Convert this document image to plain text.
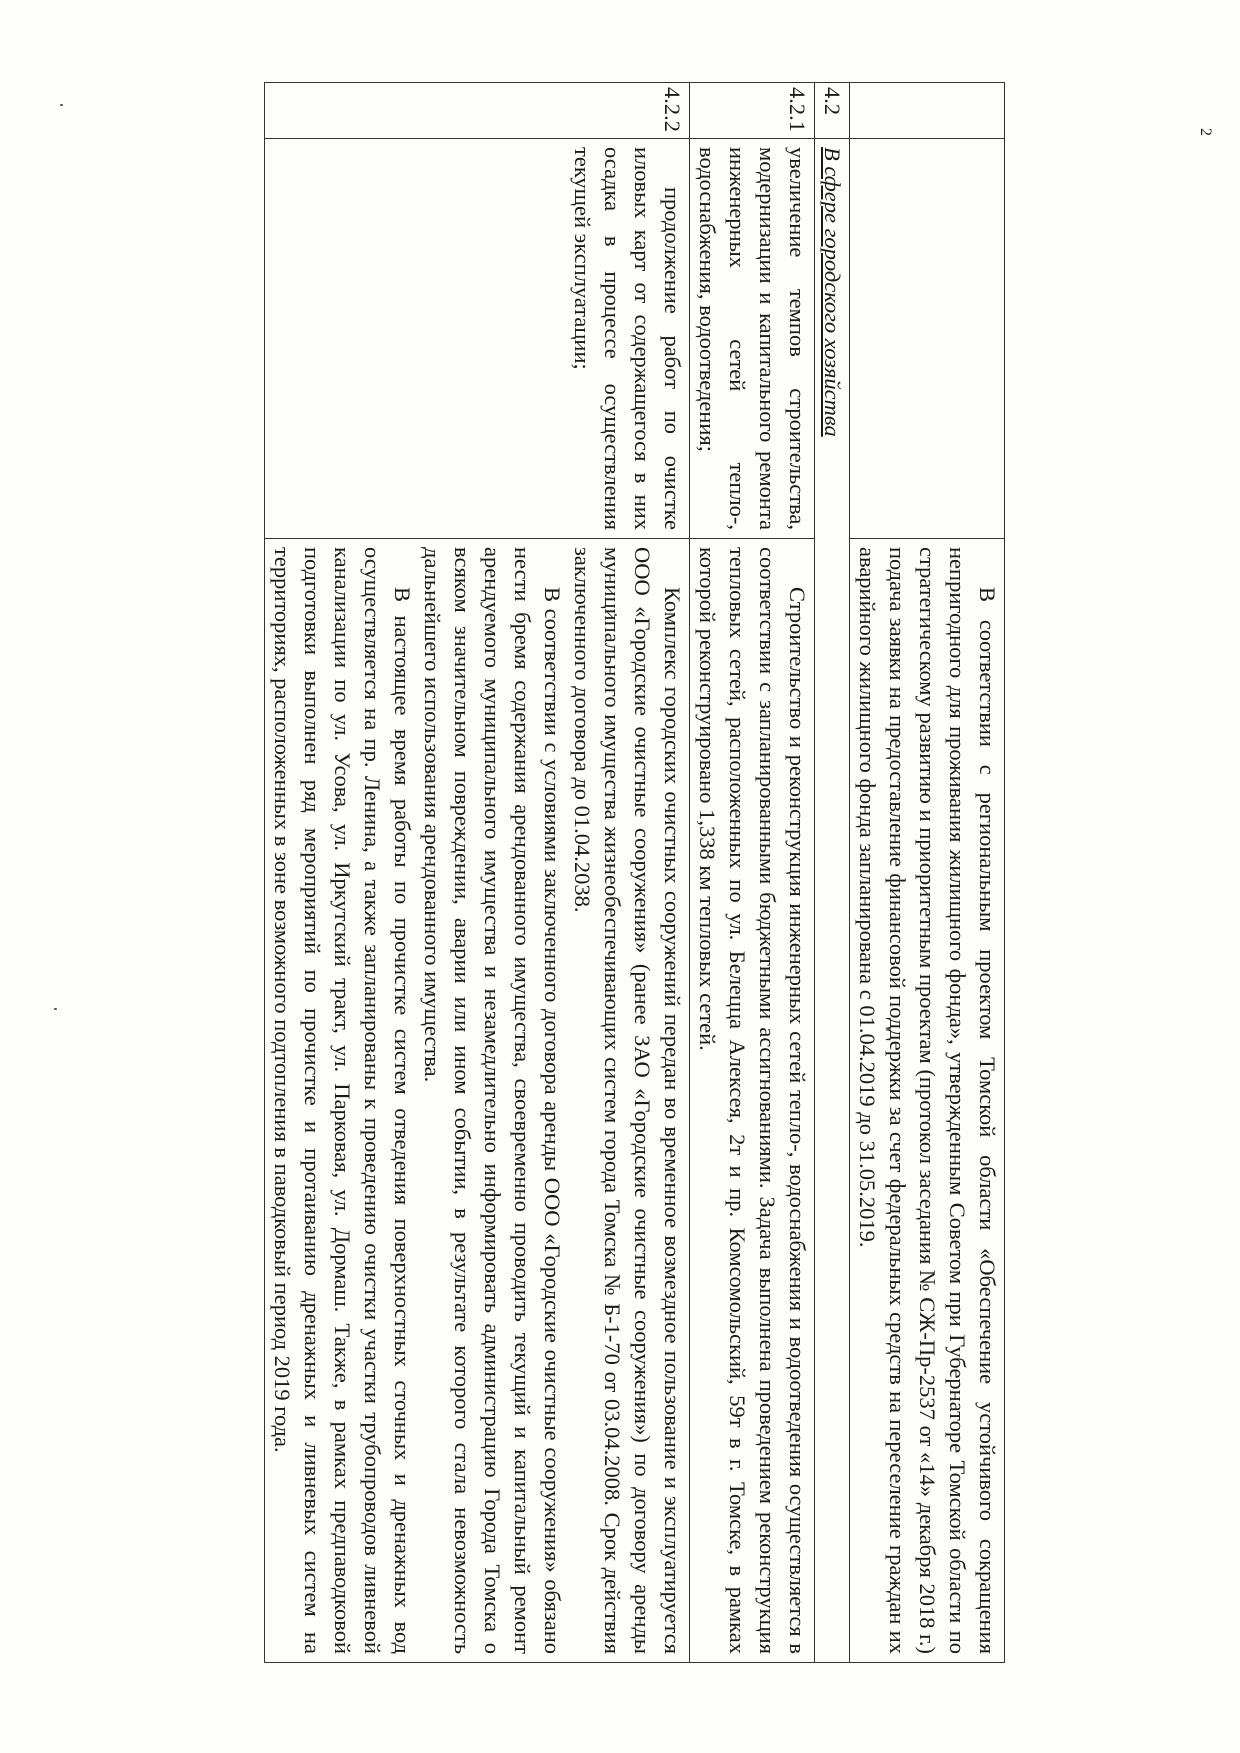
2

		В соответствии с региональным проектом Томской области «Обеспечение устойчивого сокращения непригодного для проживания жилищного фонда», утвержденным Советом при Губернаторе Томской области по стратегическому развитию и приоритетным проектам (протокол заседания № СЖ-Пр-2537 от «14» декабря 2018 г.) подача заявки на предоставление финансовой поддержки за счет федеральных средств на переселение граждан их аварийного жилищного фонда запланирована с 01.04.2019 до 31.05.2019.

4.2	В сфере городского хозяйства	
4.2.1	увеличение темпов строительства, модернизации и капитального ремонта инженерных сетей тепло-, водоснабжения, водоотведения;	Строительство и реконструкция инженерных сетей тепло-, водоснабжения и водоотведения осуществляется в соответствии с запланированными бюджетными ассигнованиями. Задача выполнена проведением реконструкция тепловых сетей, расположенных по ул. Белецца Алексея, 2т и пр. Комсомольский, 59т в г. Томске, в рамках которой реконструировано 1,338 км тепловых сетей.

4.2.2	продолжение работ по очистке иловых карт от содержащегося в них осадка в процессе осуществления текущей эксплуатации;	Комплекс городских очистных сооружений передан во временное возмездное пользование и эксплуатируется ООО «Городские очистные сооружения» (ранее ЗАО «Городские очистные сооружения») по договору аренды муниципального имущества жизнеобеспечивающих систем города Томска № Б-1-70 от 03.04.2008. Срок действия заключенного договора до 01.04.2038.

В соответствии с условиями заключенного договора аренды ООО «Городские очистные сооружения» обязано нести бремя содержания арендованного имущества, своевременно проводить текущий и капитальный ремонт арендуемого муниципального имущества и незамедлительно информировать администрацию Города Томска о всяком значительном повреждении, аварии или ином событии, в результате которого стала невозможность дальнейшего использования арендованного имущества.

В настоящее время работы по прочистке систем отведения поверхностных сточных и дренажных вод осуществляется на пр. Ленина, а также запланированы к проведению очистки участки трубопроводов ливневой канализации по ул. Усова, ул. Иркутский тракт, ул. Парковая, ул. Дормаш. Также, в рамках предпаводковой подготовки выполнен ряд мероприятий по прочистке и протаиванию дренажных и ливневых систем на территориях, расположенных в зоне возможного подтопления в паводковый период 2019 года.
